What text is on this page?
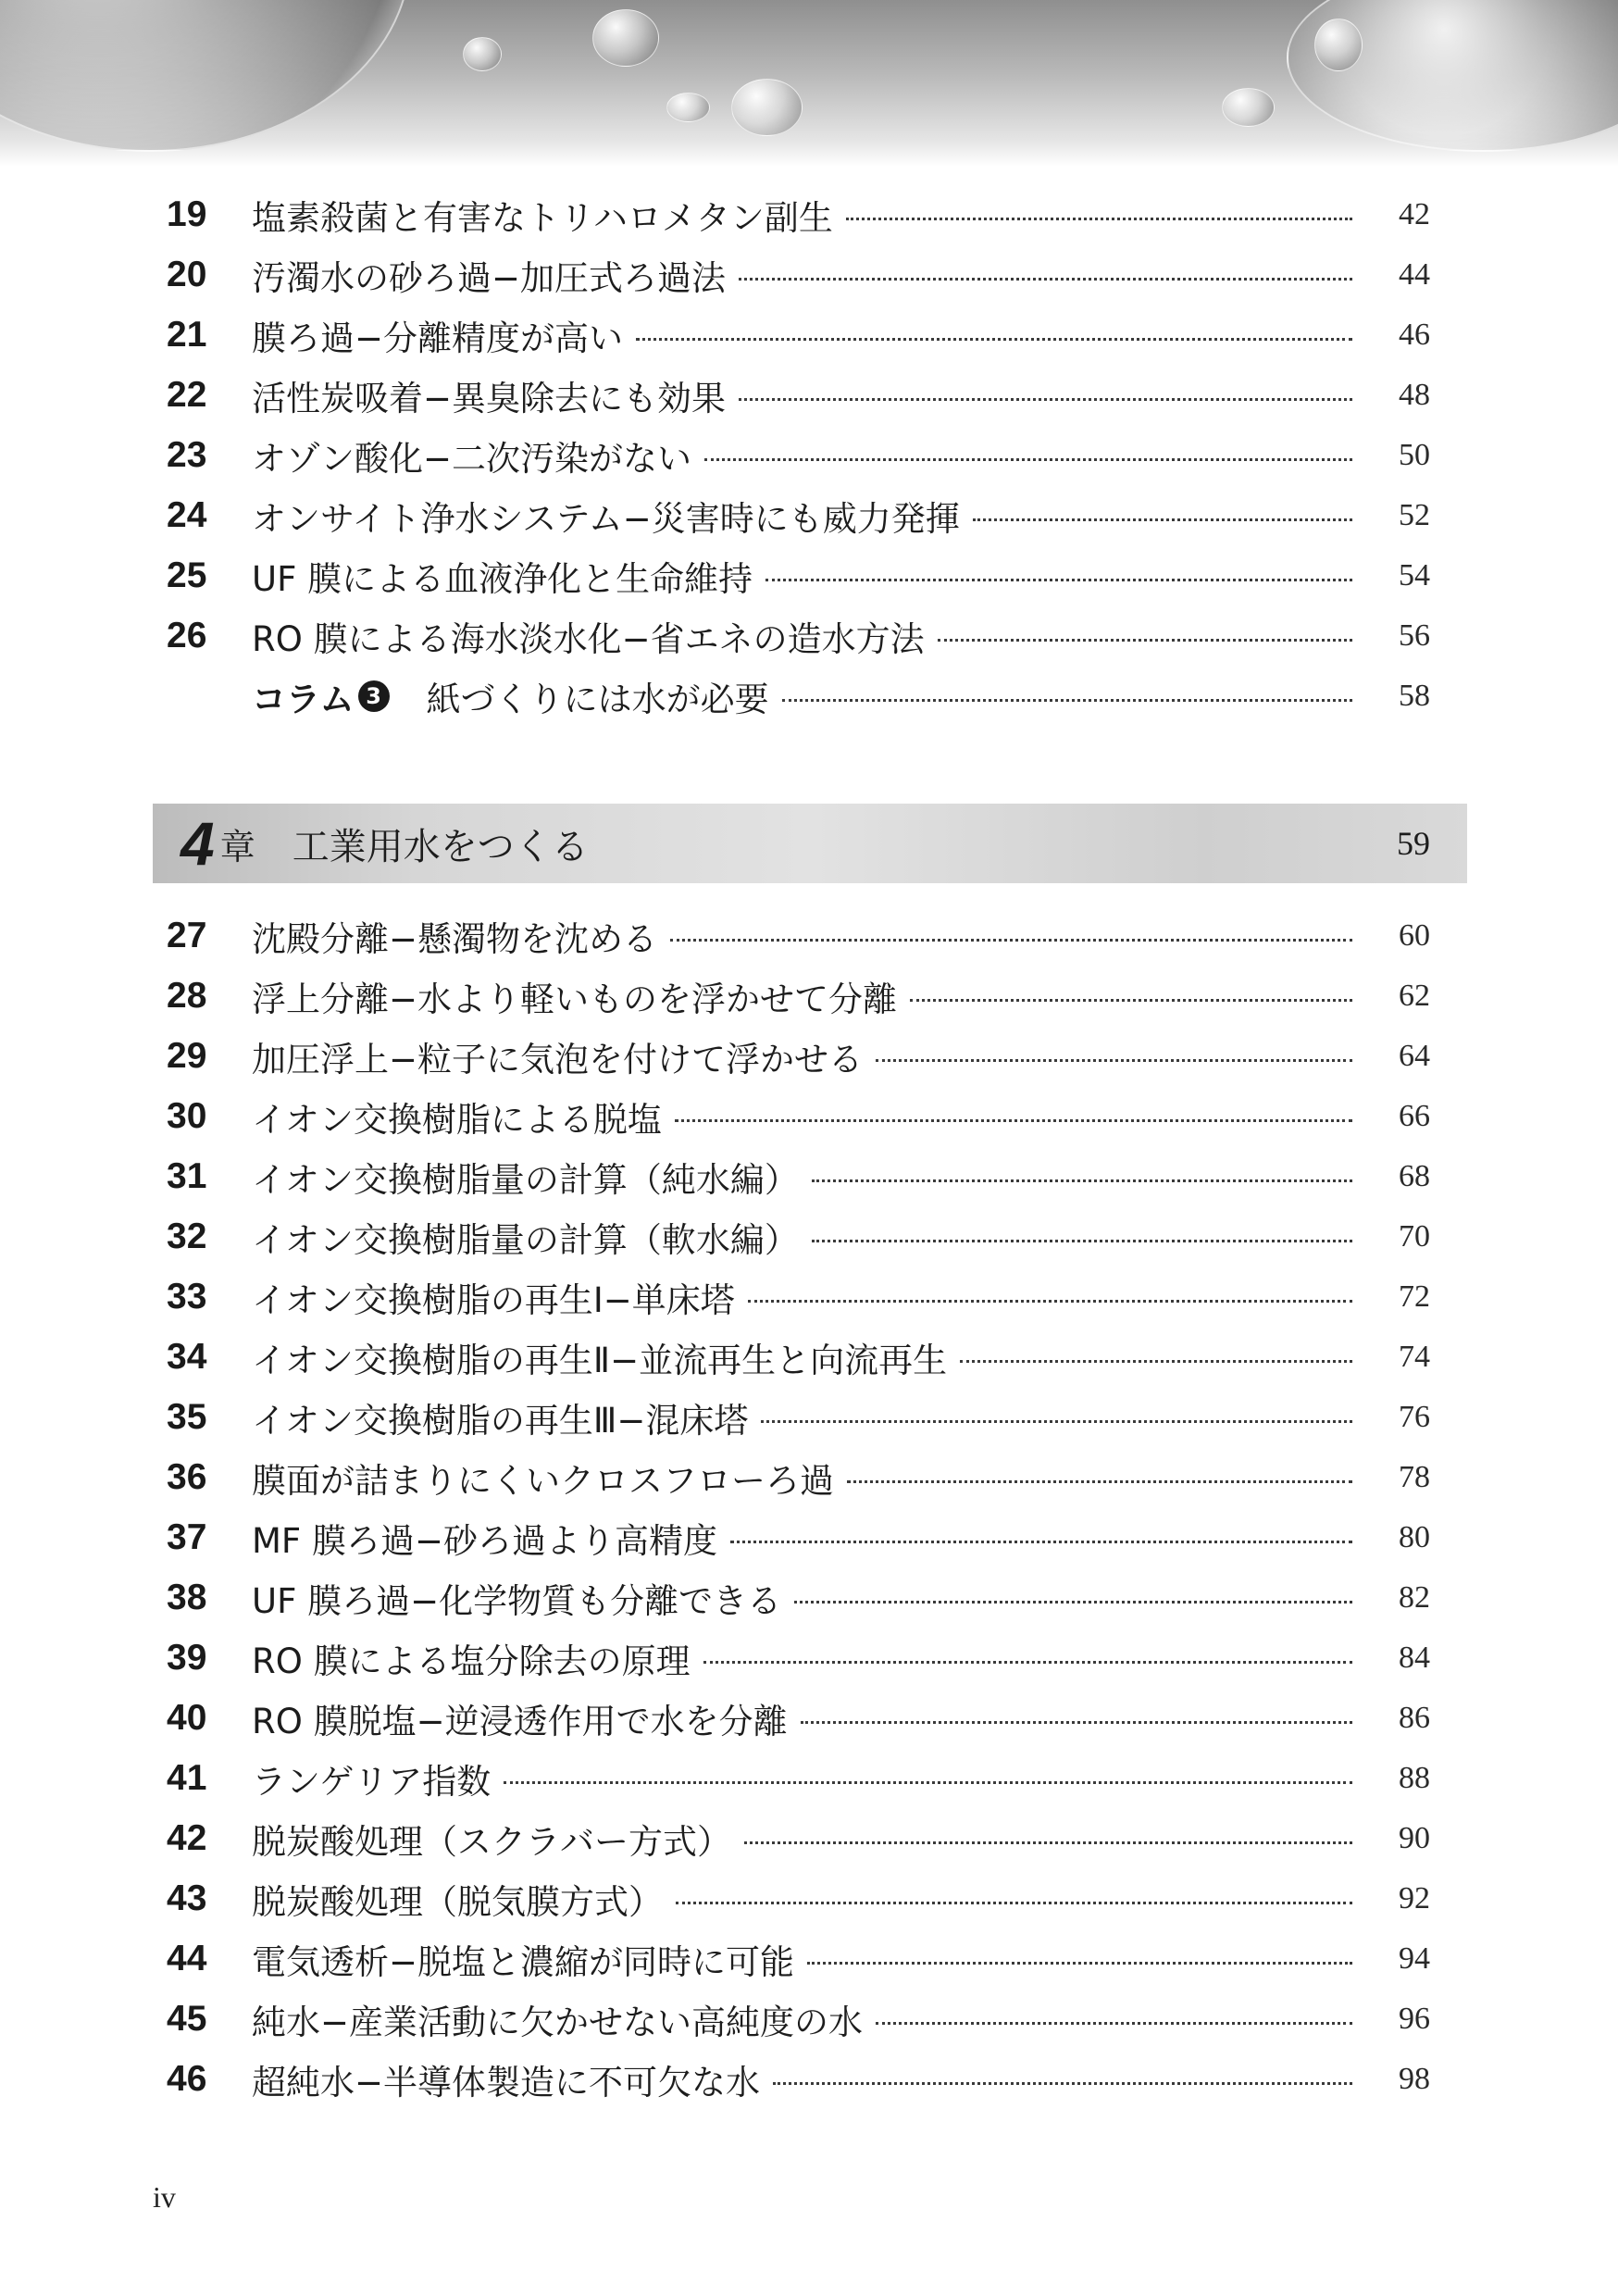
19	塩素殺菌と有害なトリハロメタン副生	42
20	汚濁水の砂ろ過−加圧式ろ過法	44
21	膜ろ過−分離精度が高い	46
22	活性炭吸着−異臭除去にも効果	48
23	オゾン酸化−二次汚染がない	50
24	オンサイト浄水システム−災害時にも威力発揮	52
25	UF 膜による血液浄化と生命維持	54
26	RO 膜による海水淡水化−省エネの造水方法	56
コラム 3 紙づくりには水が必要	58
4 章 工業用水をつくる	59
27	沈殿分離−懸濁物を沈める	60
28	浮上分離−水より軽いものを浮かせて分離	62
29	加圧浮上−粒子に気泡を付けて浮かせる	64
30	イオン交換樹脂による脱塩	66
31	イオン交換樹脂量の計算（純水編）	68
32	イオン交換樹脂量の計算（軟水編）	70
33	イオン交換樹脂の再生Ⅰ−単床塔	72
34	イオン交換樹脂の再生Ⅱ−並流再生と向流再生	74
35	イオン交換樹脂の再生Ⅲ−混床塔	76
36	膜面が詰まりにくいクロスフローろ過	78
37	MF 膜ろ過−砂ろ過より高精度	80
38	UF 膜ろ過−化学物質も分離できる	82
39	RO 膜による塩分除去の原理	84
40	RO 膜脱塩−逆浸透作用で水を分離	86
41	ランゲリア指数	88
42	脱炭酸処理（スクラバー方式）	90
43	脱炭酸処理（脱気膜方式）	92
44	電気透析−脱塩と濃縮が同時に可能	94
45	純水−産業活動に欠かせない高純度の水	96
46	超純水−半導体製造に不可欠な水	98
iv
